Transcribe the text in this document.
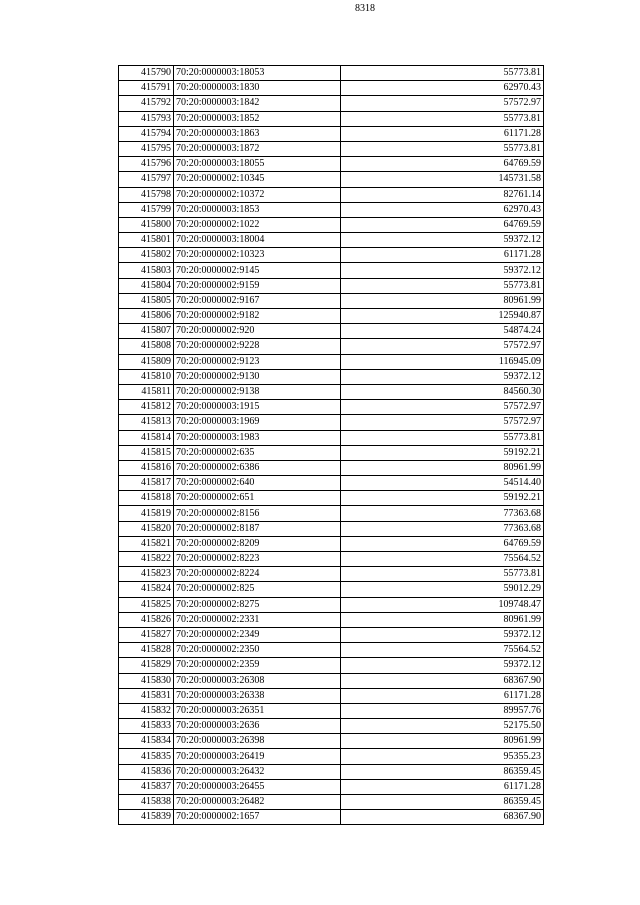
8318
415790	70:20:0000003:18053	55773.81
415791	70:20:0000003:1830	62970.43
415792	70:20:0000003:1842	57572.97
415793	70:20:0000003:1852	55773.81
415794	70:20:0000003:1863	61171.28
415795	70:20:0000003:1872	55773.81
415796	70:20:0000003:18055	64769.59
415797	70:20:0000002:10345	145731.58
415798	70:20:0000002:10372	82761.14
415799	70:20:0000003:1853	62970.43
415800	70:20:0000002:1022	64769.59
415801	70:20:0000003:18004	59372.12
415802	70:20:0000002:10323	61171.28
415803	70:20:0000002:9145	59372.12
415804	70:20:0000002:9159	55773.81
415805	70:20:0000002:9167	80961.99
415806	70:20:0000002:9182	125940.87
415807	70:20:0000002:920	54874.24
415808	70:20:0000002:9228	57572.97
415809	70:20:0000002:9123	116945.09
415810	70:20:0000002:9130	59372.12
415811	70:20:0000002:9138	84560.30
415812	70:20:0000003:1915	57572.97
415813	70:20:0000003:1969	57572.97
415814	70:20:0000003:1983	55773.81
415815	70:20:0000002:635	59192.21
415816	70:20:0000002:6386	80961.99
415817	70:20:0000002:640	54514.40
415818	70:20:0000002:651	59192.21
415819	70:20:0000002:8156	77363.68
415820	70:20:0000002:8187	77363.68
415821	70:20:0000002:8209	64769.59
415822	70:20:0000002:8223	75564.52
415823	70:20:0000002:8224	55773.81
415824	70:20:0000002:825	59012.29
415825	70:20:0000002:8275	109748.47
415826	70:20:0000002:2331	80961.99
415827	70:20:0000002:2349	59372.12
415828	70:20:0000002:2350	75564.52
415829	70:20:0000002:2359	59372.12
415830	70:20:0000003:26308	68367.90
415831	70:20:0000003:26338	61171.28
415832	70:20:0000003:26351	89957.76
415833	70:20:0000003:2636	52175.50
415834	70:20:0000003:26398	80961.99
415835	70:20:0000003:26419	95355.23
415836	70:20:0000003:26432	86359.45
415837	70:20:0000003:26455	61171.28
415838	70:20:0000003:26482	86359.45
415839	70:20:0000002:1657	68367.90
